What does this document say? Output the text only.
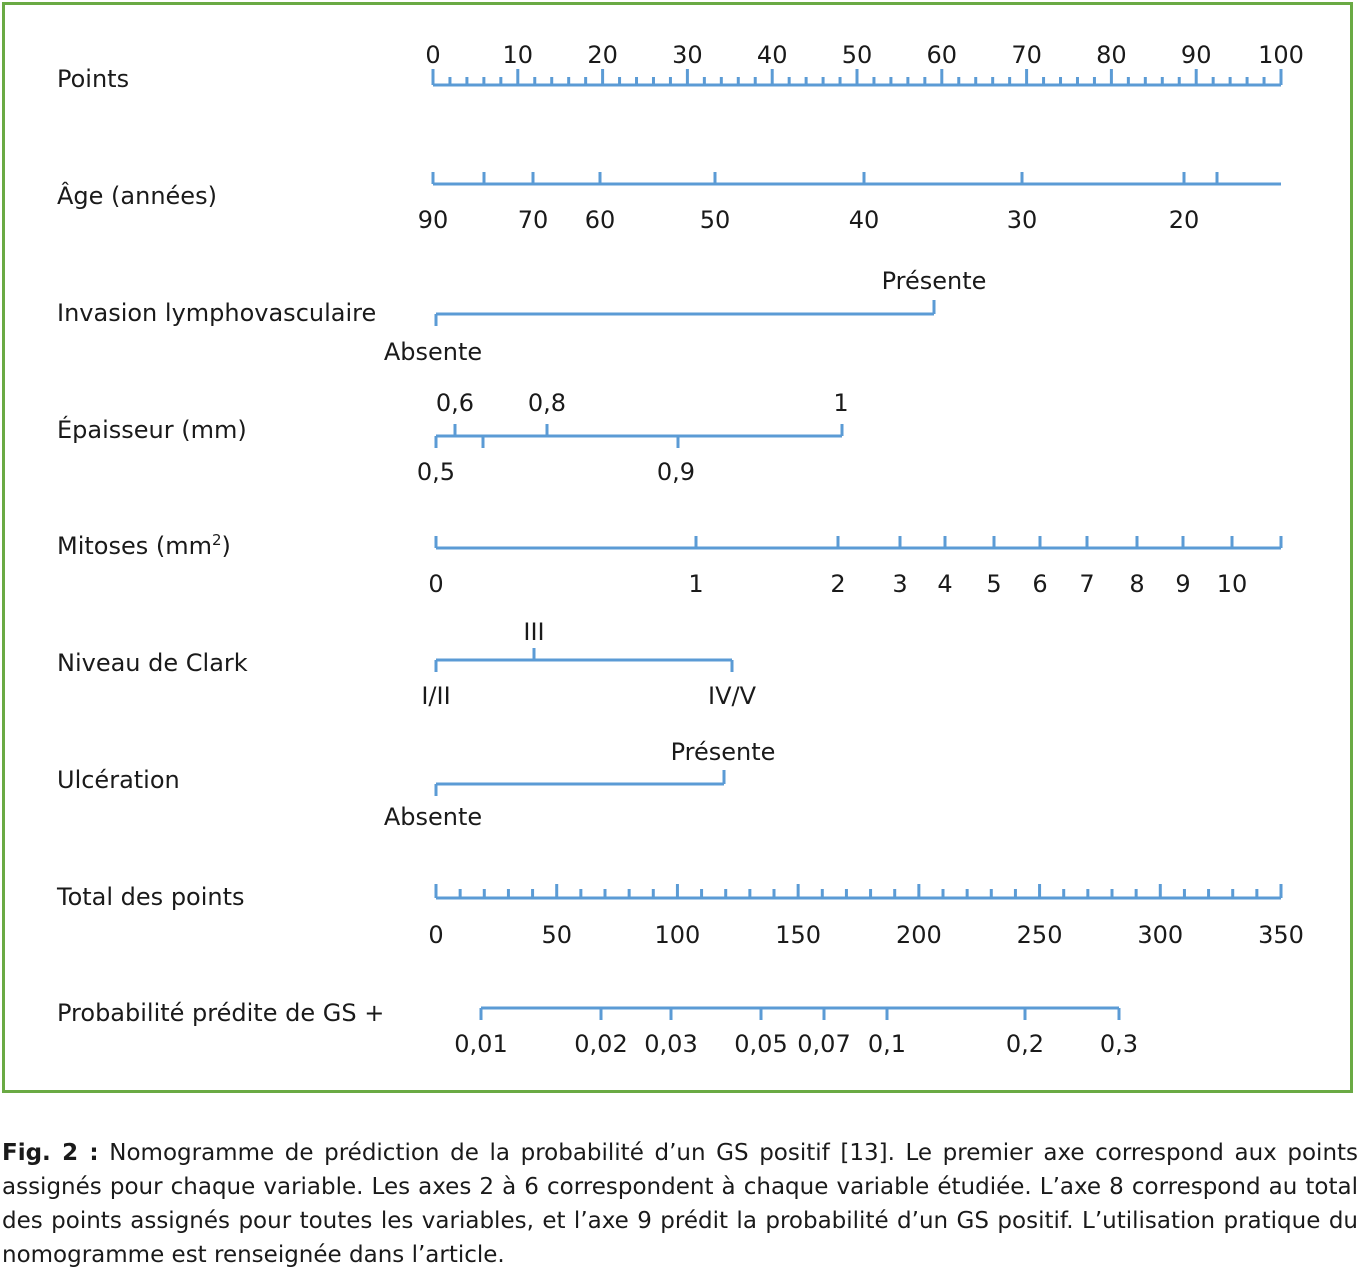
Points
Âge (années)
Invasion lymphovasculaire
Épaisseur (mm)
Mitoses $(mm^2)$
Niveau de Clark
Ulcération
Total des points
Probabilité prédite de GS +
0	10 20 30 40 50 60 70 80 90 100
0	50	100	150	200	250	300	350
90	70 60	50	40	30	20
Présente
Absente
0,6 0,8	1
0,5	0,9
0	1	2 3 4 5 6 7 8 9 10
III
I/II	IV/V
Présente
Absente
0,01	0,02 0,03 0,05 0,07 0,1	0,2 0,3

Fig. 2 : Nomogramme de prédiction de la probabilité d’un GS positif [13]. Le premier axe correspond aux points assignés pour chaque variable. Les axes 2 à 6 correspondent à chaque variable étudiée. L’axe 8 correspond au total des points assignés pour toutes les variables, et l’axe 9 prédit la probabilité d’un GS positif. L’utilisation pratique du nomogramme est renseignée dans l’article.
